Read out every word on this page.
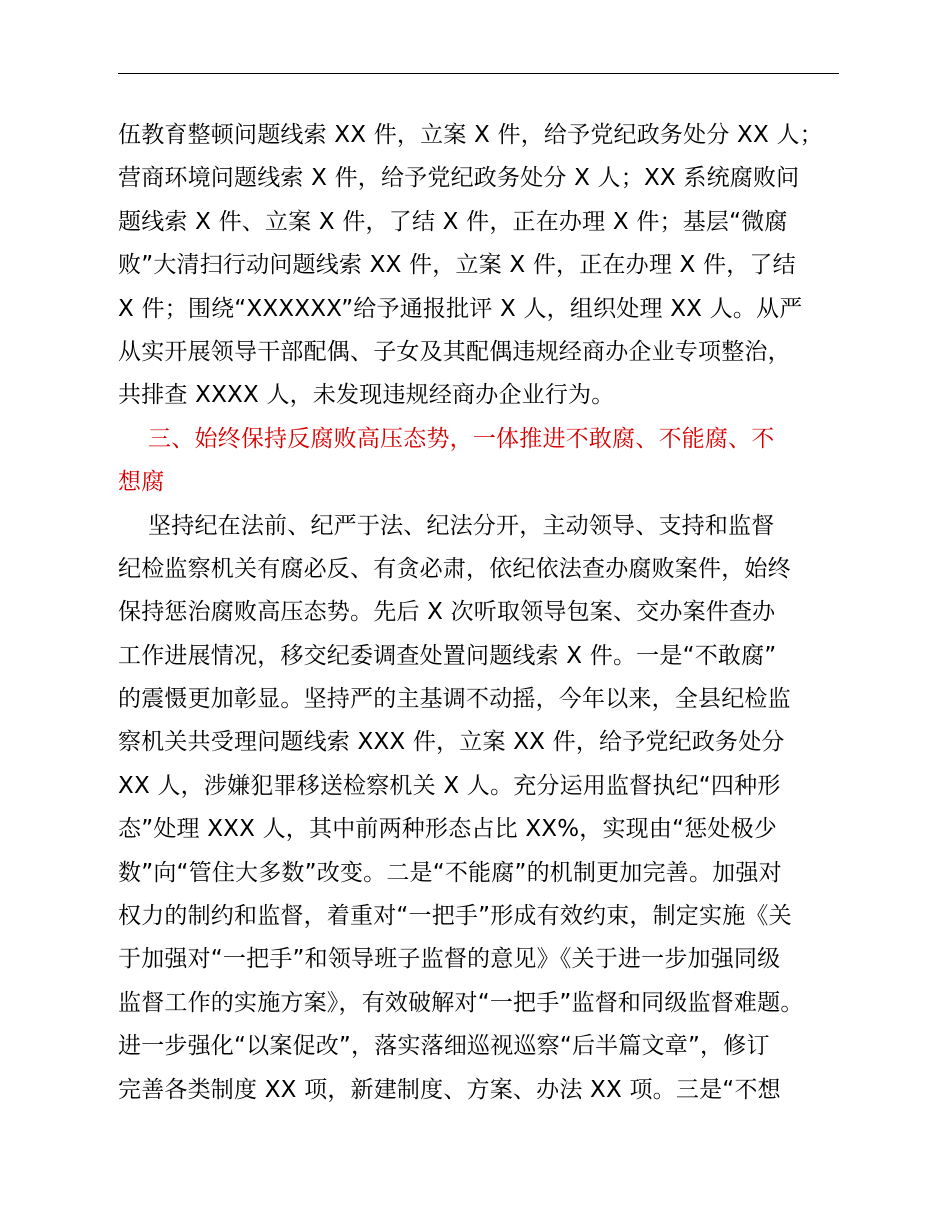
伍教育整顿问题线索 XX 件，立案 X 件，给予党纪政务处分 XX 人；
营商环境问题线索 X 件，给予党纪政务处分 X 人；XX 系统腐败问
题线索 X 件、立案 X 件，了结 X 件，正在办理 X 件；基层“微腐
败”大清扫行动问题线索 XX 件，立案 X 件，正在办理 X 件，了结
X 件；围绕“XXXXXX”给予通报批评 X 人，组织处理 XX 人。从严
从实开展领导干部配偶、子女及其配偶违规经商办企业专项整治，
共排查 XXXX 人，未发现违规经商办企业行为。
三、始终保持反腐败高压态势，一体推进不敢腐、不能腐、不
想腐
坚持纪在法前、纪严于法、纪法分开，主动领导、支持和监督
纪检监察机关有腐必反、有贪必肃，依纪依法查办腐败案件，始终
保持惩治腐败高压态势。先后 X 次听取领导包案、交办案件查办
工作进展情况，移交纪委调查处置问题线索 X 件。一是“不敢腐”
的震慑更加彰显。坚持严的主基调不动摇，今年以来，全县纪检监
察机关共受理问题线索 XXX 件，立案 XX 件，给予党纪政务处分
XX 人，涉嫌犯罪移送检察机关 X 人。充分运用监督执纪“四种形
态”处理 XXX 人，其中前两种形态占比 XX%，实现由“惩处极少
数”向“管住大多数”改变。二是“不能腐”的机制更加完善。加强对
权力的制约和监督，着重对“一把手”形成有效约束，制定实施《关
于加强对“一把手”和领导班子监督的意见》《关于进一步加强同级
监督工作的实施方案》，有效破解对“一把手”监督和同级监督难题。
进一步强化“以案促改”，落实落细巡视巡察“后半篇文章”，修订
完善各类制度 XX 项，新建制度、方案、办法 XX 项。三是“不想
